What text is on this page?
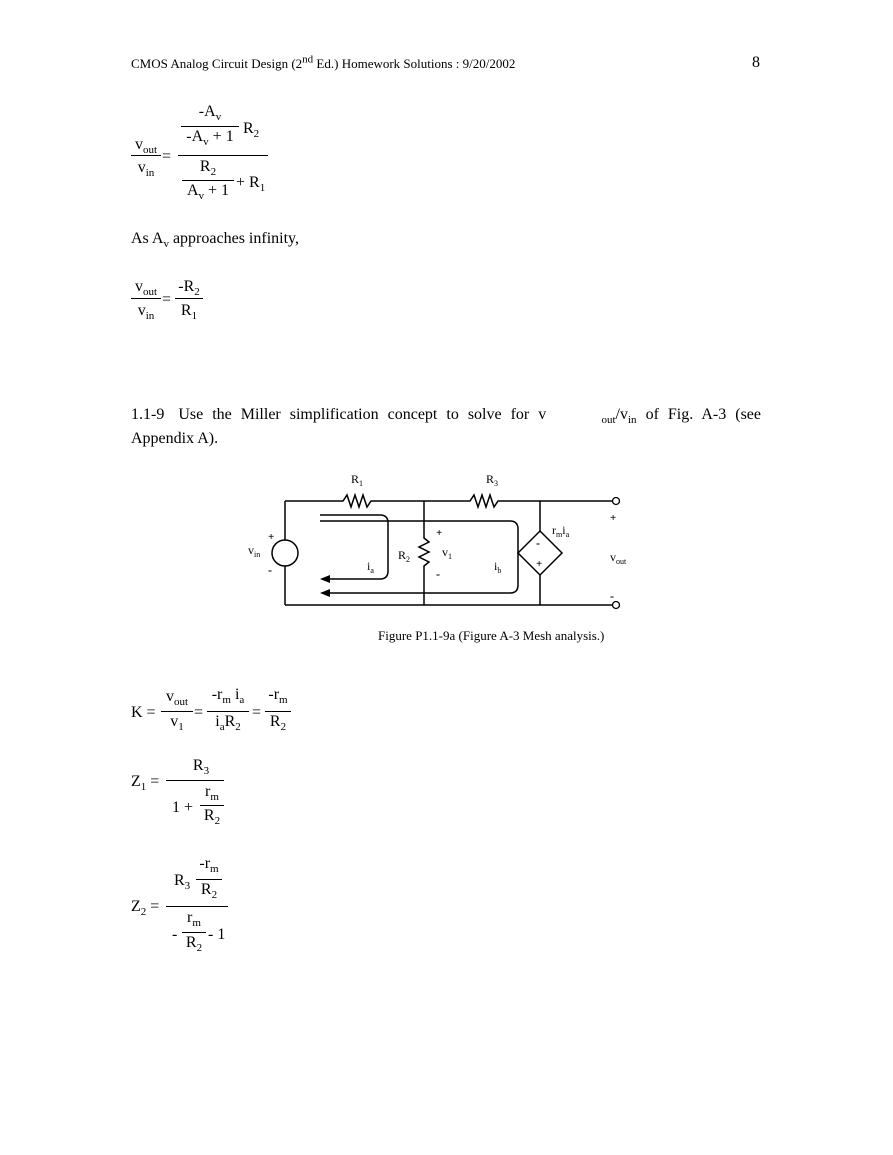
CMOS Analog Circuit Design (2nd Ed.) Homework Solutions : 9/20/2002	8
$v_{out}$
$v_{in}$
=
$-A_v$
$-A_v + 1$ $R_2$
$R_2$
$A_v + 1 + R_1$
As $A_v$ approaches infinity,
$v_{out}$
$v_{in}$
=
$-R_2$
$R_1$
1.1-9 Use the Miller simplification concept to solve for v	$_{out}/v_{in}$ of Fig. A-3 (see
Appendix A).
$R_1$	$R_3$
$R_2$
$v_1$
$v_{in}$	$v_{out}$
$i_a$	$i_b$
$r_mi_a$
+
-
+
-
-
+
+
-
Figure P1.1-9a (Figure A-3 Mesh analysis.)
K =
$v_{out}$
$v_1$
=
$-r_m$ $i_a$
$i_aR_2$
=
$-r_m$
$R_2$
$Z_1$ =
$R_3$
1 +
$r_m$
$R_2$
$Z_2$ =
$R_3$
$-r_m$
$R_2$
-
$r_m$
$R_2$
- 1
